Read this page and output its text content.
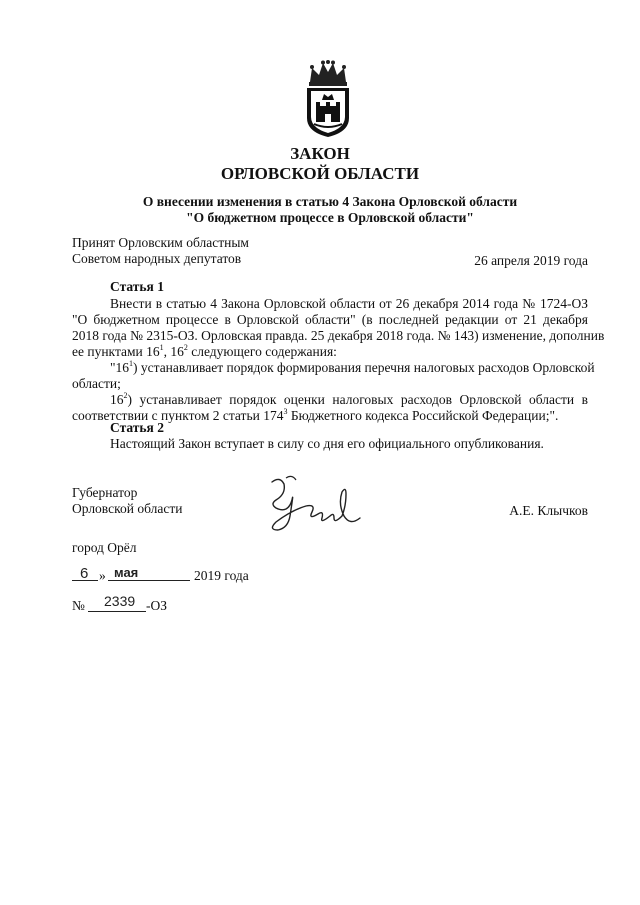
ЗАКОН
ОРЛОВСКОЙ ОБЛАСТИ
О внесении изменения в статью 4 Закона Орловской области
"О бюджетном процессе в Орловской области"
Принят Орловским областным
Советом народных депутатов	26 апреля 2019 года
Статья 1
Внести в статью 4 Закона Орловской области от 26 декабря 2014 года № 1724-ОЗ
"О бюджетном процессе в Орловской области" (в последней редакции от 21 декабря
2018 года № 2315-ОЗ. Орловская правда. 25 декабря 2018 года. № 143) изменение, дополнив
ее пунктами $16^1$, $16^2$ следующего содержания:
"$16^1$) устанавливает порядок формирования перечня налоговых расходов Орловской
области;
$16^2$) устанавливает порядок оценки налоговых расходов Орловской области в
соответствии с пунктом 2 статьи $174^3$ Бюджетного кодекса Российской Федерации;".
Статья 2
Настоящий Закон вступает в силу со дня его официального опубликования.
Губернатор
Орловской области	А.Е. Клычков
город Орёл
6 » мая	2019 года
№ 2339 -ОЗ
